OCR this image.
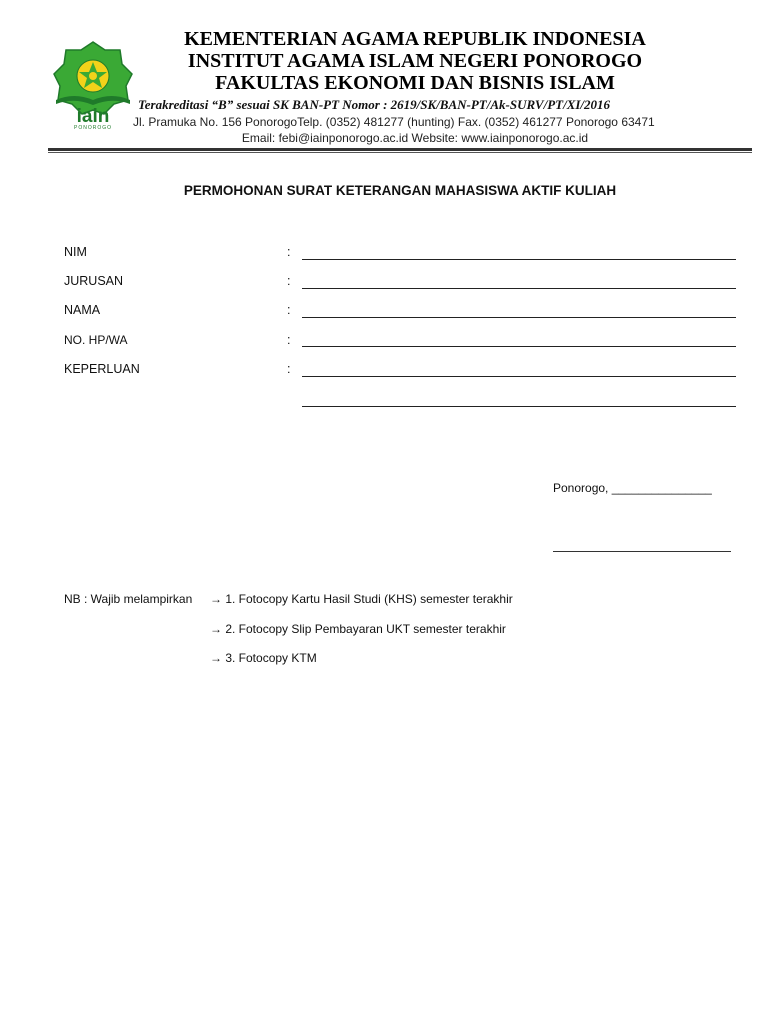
iain
PONOROGO

KEMENTERIAN AGAMA REPUBLIK INDONESIA

INSTITUT AGAMA ISLAM NEGERI PONOROGO

FAKULTAS EKONOMI DAN BISNIS ISLAM

Terakreditasi “B” sesuai SK BAN-PT Nomor : 2619/SK/BAN-PT/Ak-SURV/PT/XI/2016
Jl. Pramuka No. 156 PonorogoTelp. (0352) 481277 (hunting) Fax. (0352) 461277 Ponorogo 63471
Email: febi@iainponorogo.ac.id Website: www.iainponorogo.ac.id
PERMOHONAN SURAT KETERANGAN MAHASISWA AKTIF KULIAH
NIM	:
JURUSAN	:
NAMA	:
NO. HP/WA	:
KEPERLUAN	:
Ponorogo, _______________
NB : Wajib melampirkan → 1. Fotocopy Kartu Hasil Studi (KHS) semester terakhir
→ 2. Fotocopy Slip Pembayaran UKT semester terakhir
→ 3. Fotocopy KTM
